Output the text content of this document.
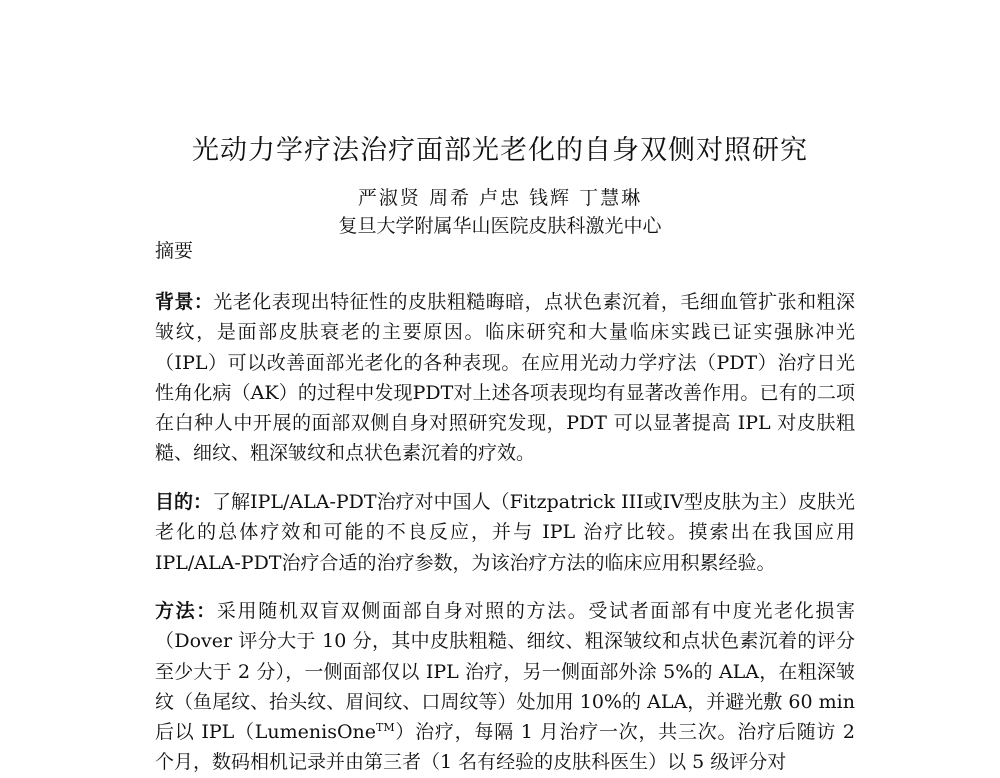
光动力学疗法治疗面部光老化的自身双侧对照研究
严淑贤 周希 卢忠 钱辉 丁慧琳
复旦大学附属华山医院皮肤科激光中心
摘要
背景：光老化表现出特征性的皮肤粗糙晦暗，点状色素沉着，毛细血管扩张和粗深皱纹，是面部皮肤衰老的主要原因。临床研究和大量临床实践已证实强脉冲光（IPL）可以改善面部光老化的各种表现。在应用光动力学疗法（PDT）治疗日光性角化病（AK）的过程中发现PDT对上述各项表现均有显著改善作用。已有的二项在白种人中开展的面部双侧自身对照研究发现，PDT 可以显著提高 IPL 对皮肤粗糙、细纹、粗深皱纹和点状色素沉着的疗效。
目的：了解IPL/ALA-PDT治疗对中国人（Fitzpatrick III或IV型皮肤为主）皮肤光老化的总体疗效和可能的不良反应，并与 IPL 治疗比较。摸索出在我国应用IPL/ALA-PDT治疗合适的治疗参数，为该治疗方法的临床应用积累经验。
方法：采用随机双盲双侧面部自身对照的方法。受试者面部有中度光老化损害（Dover 评分大于 10 分，其中皮肤粗糙、细纹、粗深皱纹和点状色素沉着的评分至少大于 2 分），一侧面部仅以 IPL 治疗，另一侧面部外涂 5%的 ALA，在粗深皱纹（鱼尾纹、抬头纹、眉间纹、口周纹等）处加用 10%的 ALA，并避光敷 60 min 后以 IPL（LumenisOne™）治疗，每隔 1 月治疗一次，共三次。治疗后随访 2 个月，数码相机记录并由第三者（1 名有经验的皮肤科医生）以 5 级评分对
